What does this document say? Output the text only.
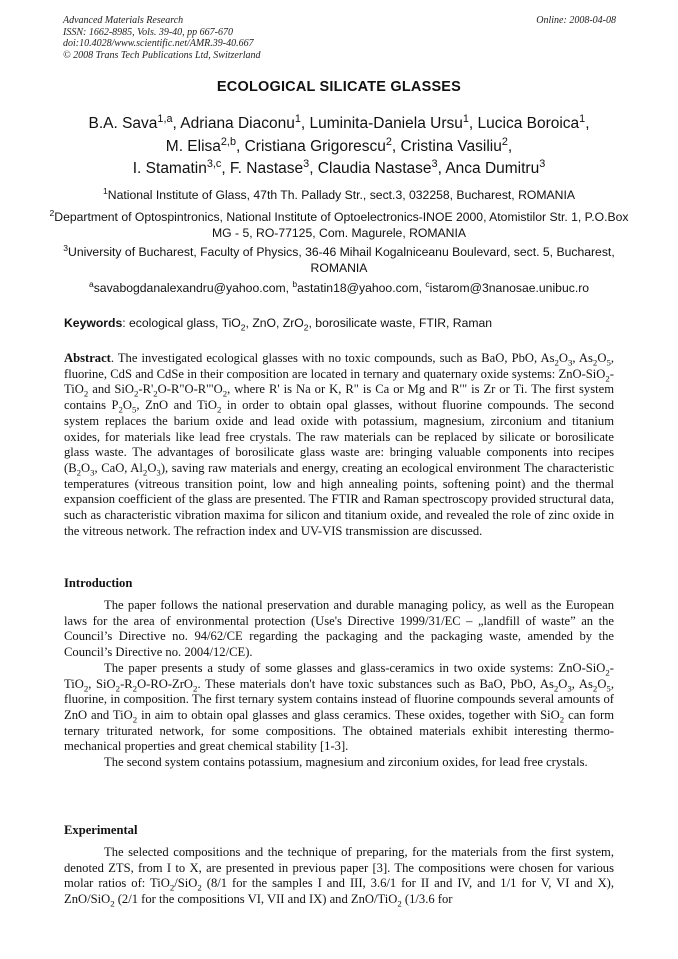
Advanced Materials Research
ISSN: 1662-8985, Vols. 39-40, pp 667-670
doi:10.4028/www.scientific.net/AMR.39-40.667
© 2008 Trans Tech Publications Ltd, Switzerland
Online: 2008-04-08
ECOLOGICAL SILICATE GLASSES
B.A. Sava$^{1,a}$, Adriana Diaconu$^1$, Luminita-Daniela Ursu$^1$, Lucica Boroica$^1$,
M. Elisa$^{2,b}$, Cristiana Grigorescu$^2$, Cristina Vasiliu$^2$,
I. Stamatin$^{3,c}$, F. Nastase$^3$, Claudia Nastase$^3$, Anca Dumitru$^3$
$^1$National Institute of Glass, 47th Th. Pallady Str., sect.3, 032258, Bucharest, ROMANIA
$^2$Department of Optospintronics, National Institute of Optoelectronics-INOE 2000, Atomistilor Str. 1, P.O.Box MG - 5, RO-77125, Com. Magurele, ROMANIA
$^3$University of Bucharest, Faculty of Physics, 36-46 Mihail Kogalniceanu Boulevard, sect. 5, Bucharest, ROMANIA
$^a$savabogdanalexandru@yahoo.com, $^b$astatin18@yahoo.com, $^c$istarom@3nanosae.unibuc.ro
Keywords: ecological glass, TiO$_2$, ZnO, ZrO$_2$, borosilicate waste, FTIR, Raman

Abstract. The investigated ecological glasses with no toxic compounds, such as BaO, PbO, $As_2O_3$, $As_2O_5$, fluorine, CdS and CdSe in their composition are located in ternary and quaternary oxide systems: ZnO-SiO$_2$-TiO$_2$ and $SiO_2-R'_2O-R"O-R'"O_2$, where R' is Na or K, R" is Ca or Mg and R'" is Zr or Ti. The first system contains $P_2O_5$, ZnO and TiO$_2$ in order to obtain opal glasses, without fluorine compounds. The second system replaces the barium oxide and lead oxide with potassium, magnesium, zirconium and titanium oxides, for materials like lead free crystals. The raw materials can be replaced by silicate or borosilicate glass waste. The advantages of borosilicate glass waste are: bringing valuable components into recipes ($B_2O_3$, CaO, $Al_2O_3$), saving raw materials and energy, creating an ecological environment The characteristic temperatures (vitreous transition point, low and high annealing points, softening point) and the thermal expansion coefficient of the glass are presented. The FTIR and Raman spectroscopy provided structural data, such as characteristic vibration maxima for silicon and titanium oxide, and revealed the role of zinc oxide in the vitreous network. The refraction index and UV-VIS transmission are discussed.

Introduction

The paper follows the national preservation and durable managing policy, as well as the European laws for the area of environmental protection (Use's Directive 1999/31/EC – „landfill of waste” an the Council’s Directive no. 94/62/CE regarding the packaging and the packaging waste, amended by the Council’s Directive no. 2004/12/CE).

The paper presents a study of some glasses and glass-ceramics in two oxide systems: ZnO-SiO$_2$-TiO$_2$, $SiO_2-R_2O-RO-ZrO_2$. These materials don't have toxic substances such as BaO, PbO, $As_2O_3$, $As_2O_5$, fluorine, in composition. The first ternary system contains instead of fluorine compounds several amounts of ZnO and TiO$_2$ in aim to obtain opal glasses and glass ceramics. These oxides, together with SiO$_2$ can form ternary triturated network, for some compositions. The obtained materials exhibit interesting thermo-mechanical properties and great chemical stability [1-3].

The second system contains potassium, magnesium and zirconium oxides, for lead free crystals.

Experimental

The selected compositions and the technique of preparing, for the materials from the first system, denoted ZTS, from I to X, are presented in previous paper [3]. The compositions were chosen for various molar ratios of: TiO$_2$/SiO$_2$ (8/1 for the samples I and III, 3.6/1 for II and IV, and 1/1 for V, VI and X), ZnO/SiO$_2$ (2/1 for the compositions VI, VII and IX) and ZnO/TiO$_2$ (1/3.6 for
